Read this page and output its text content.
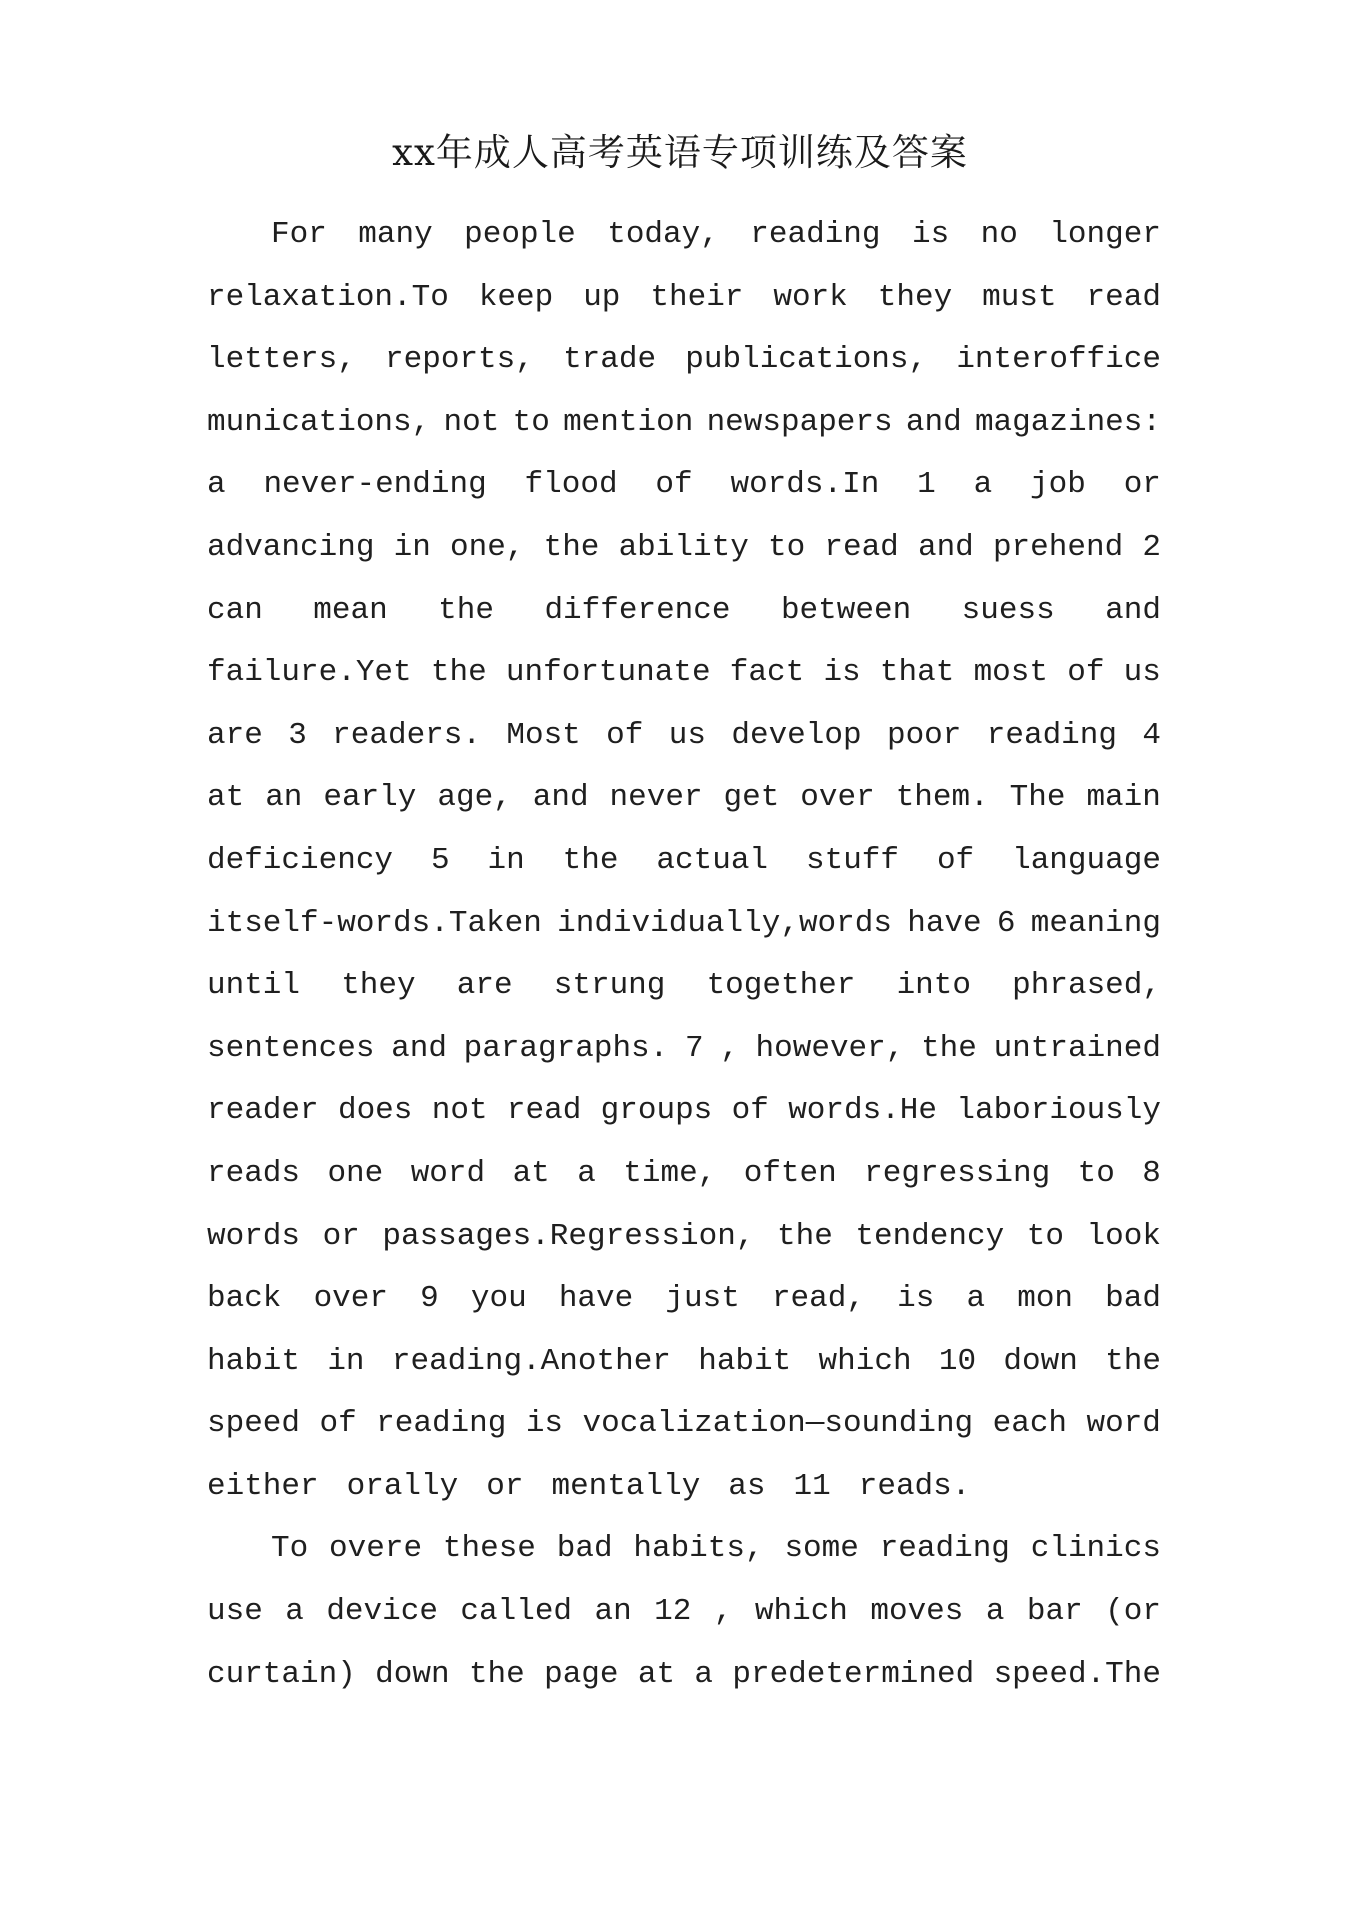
xx年成人高考英语专项训练及答案
For many people today, reading is no longer
relaxation.To keep up their work they must read
letters, reports, trade publications, interoffice
munications, not to mention newspapers and magazines:
a never-ending flood of words.In 1 a job or
advancing in one, the ability to read and prehend 2
can mean the difference between suess and
failure.Yet the unfortunate fact is that most of us
are 3 readers. Most of us develop poor reading 4
at an early age, and never get over them. The main
deficiency 5 in the actual stuff of language
itself-words.Taken individually,words have 6 meaning
until they are strung together into phrased,
sentences and paragraphs. 7 , however, the untrained
reader does not read groups of words.He laboriously
reads one word at a time, often regressing to 8
words or passages.Regression, the tendency to look
back over 9 you have just read, is a mon bad
habit in reading.Another habit which 10 down the
speed of reading is vocalization—sounding each word
either orally or mentally as 11 reads.
To overe these bad habits, some reading clinics
use a device called an 12 , which moves a bar (or
curtain) down the page at a predetermined speed.The
